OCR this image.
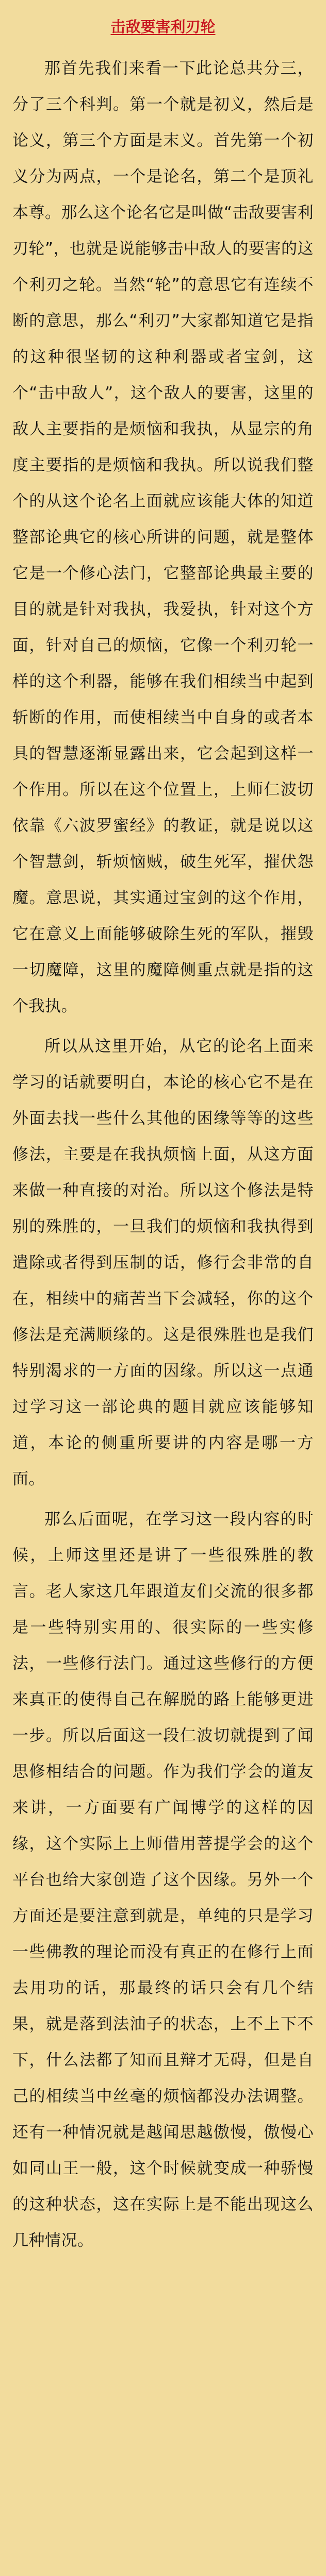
击敌要害利刃轮

那首先我们来看一下此论总共分三，分了三个科判。第一个就是初义，然后是论义，第三个方面是末义。首先第一个初义分为两点，一个是论名，第二个是顶礼本尊。那么这个论名它是叫做“击敌要害利刃轮”，也就是说能够击中敌人的要害的这个利刃之轮。当然“轮”的意思它有连续不断的意思，那么“利刃”大家都知道它是指的这种很坚韧的这种利器或者宝剑，这个“击中敌人”，这个敌人的要害，这里的敌人主要指的是烦恼和我执，从显宗的角度主要指的是烦恼和我执。所以说我们整个的从这个论名上面就应该能大体的知道整部论典它的核心所讲的问题，就是整体它是一个修心法门，它整部论典最主要的目的就是针对我执，我爱执，针对这个方面，针对自己的烦恼，它像一个利刃轮一样的这个利器，能够在我们相续当中起到斩断的作用，而使相续当中自身的或者本具的智慧逐渐显露出来，它会起到这样一个作用。所以在这个位置上，上师仁波切依靠《六波罗蜜经》的教证，就是说以这个智慧剑，斩烦恼贼，破生死军，摧伏怨魔。意思说，其实通过宝剑的这个作用，它在意义上面能够破除生死的军队，摧毁一切魔障，这里的魔障侧重点就是指的这个我执。

所以从这里开始，从它的论名上面来学习的话就要明白，本论的核心它不是在外面去找一些什么其他的困缘等等的这些修法，主要是在我执烦恼上面，从这方面来做一种直接的对治。所以这个修法是特别的殊胜的，一旦我们的烦恼和我执得到遣除或者得到压制的话，修行会非常的自在，相续中的痛苦当下会减轻，你的这个修法是充满顺缘的。这是很殊胜也是我们特别渴求的一方面的因缘。所以这一点通过学习这一部论典的题目就应该能够知道，本论的侧重所要讲的内容是哪一方面。

那么后面呢，在学习这一段内容的时候，上师这里还是讲了一些很殊胜的教言。老人家这几年跟道友们交流的很多都是一些特别实用的、很实际的一些实修法，一些修行法门。通过这些修行的方便来真正的使得自己在解脱的路上能够更进一步。所以后面这一段仁波切就提到了闻思修相结合的问题。作为我们学会的道友来讲，一方面要有广闻博学的这样的因缘，这个实际上上师借用菩提学会的这个平台也给大家创造了这个因缘。另外一个方面还是要注意到就是，单纯的只是学习一些佛教的理论而没有真正的在修行上面去用功的话，那最终的话只会有几个结果，就是落到法油子的状态，上不上下不下，什么法都了知而且辩才无碍，但是自己的相续当中丝毫的烦恼都没办法调整。还有一种情况就是越闻思越傲慢，傲慢心如同山王一般，这个时候就变成一种骄慢的这种状态，这在实际上是不能出现这么几种情况。
